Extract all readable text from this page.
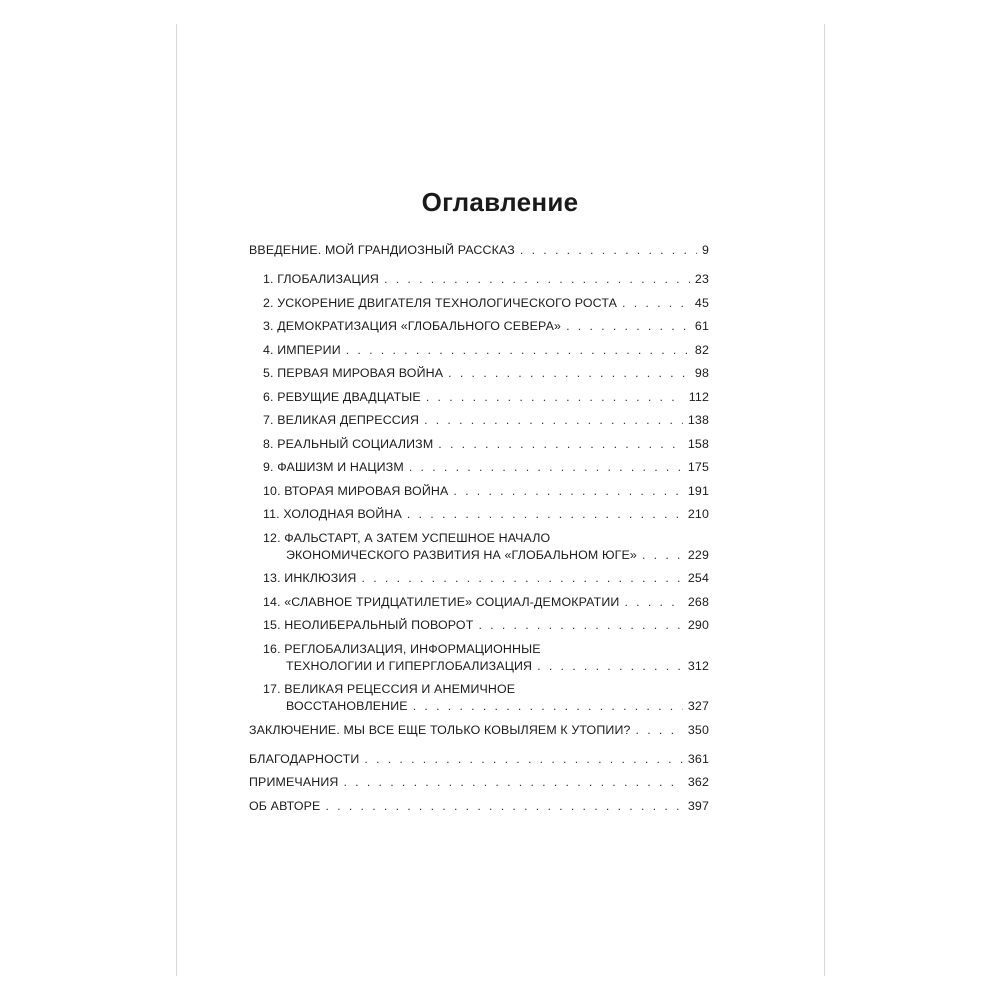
Оглавление
ВВЕДЕНИЕ. МОЙ ГРАНДИОЗНЫЙ РАССКАЗ . . .	9
1. ГЛОБАЛИЗАЦИЯ . . .	23
2. УСКОРЕНИЕ ДВИГАТЕЛЯ ТЕХНОЛОГИЧЕСКОГО РОСТА . . .	45
3. ДЕМОКРАТИЗАЦИЯ «ГЛОБАЛЬНОГО СЕВЕРА» . . .	61
4. ИМПЕРИИ . . .	82
5. ПЕРВАЯ МИРОВАЯ ВОЙНА . . .	98
6. РЕВУЩИЕ ДВАДЦАТЫЕ . . .	112
7. ВЕЛИКАЯ ДЕПРЕССИЯ . . .	138
8. РЕАЛЬНЫЙ СОЦИАЛИЗМ . . .	158
9. ФАШИЗМ И НАЦИЗМ . . .	175
10. ВТОРАЯ МИРОВАЯ ВОЙНА . . .	191
11. ХОЛОДНАЯ ВОЙНА . . .	210
12. ФАЛЬСТАРТ, А ЗАТЕМ УСПЕШНОЕ НАЧАЛО
ЭКОНОМИЧЕСКОГО РАЗВИТИЯ НА «ГЛОБАЛЬНОМ ЮГЕ» . . .	229
13. ИНКЛЮЗИЯ . . .	254
14. «СЛАВНОЕ ТРИДЦАТИЛЕТИЕ» СОЦИАЛ-ДЕМОКРАТИИ . . .	268
15. НЕОЛИБЕРАЛЬНЫЙ ПОВОРОТ . . .	290
16. РЕГЛОБАЛИЗАЦИЯ, ИНФОРМАЦИОННЫЕ
ТЕХНОЛОГИИ И ГИПЕРГЛОБАЛИЗАЦИЯ . . .	312
17. ВЕЛИКАЯ РЕЦЕССИЯ И АНЕМИЧНОЕ
ВОССТАНОВЛЕНИЕ . . .	327
ЗАКЛЮЧЕНИЕ. МЫ ВСЕ ЕЩЕ ТОЛЬКО КОВЫЛЯЕМ К УТОПИИ? . . .	350
БЛАГОДАРНОСТИ . . .	361
ПРИМЕЧАНИЯ . . .	362
ОБ АВТОРЕ . . .	397
